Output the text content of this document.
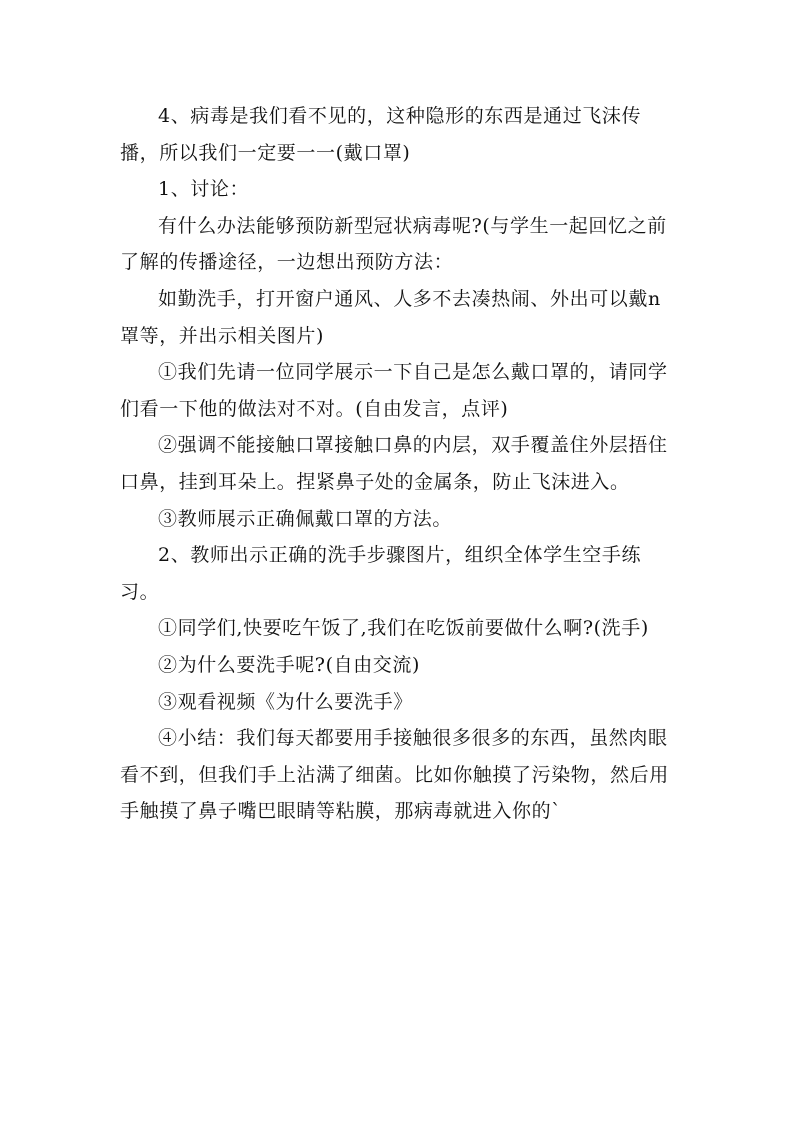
4、病毒是我们看不见的，这种隐形的东西是通过飞沫传播，所以我们一定要一一(戴口罩)

1、讨论：

有什么办法能够预防新型冠状病毒呢?(与学生一起回忆之前了解的传播途径，一边想出预防方法：

如勤洗手，打开窗户通风、人多不去凑热闹、外出可以戴n罩等，并出示相关图片)

①我们先请一位同学展示一下自己是怎么戴口罩的，请同学们看一下他的做法对不对。(自由发言，点评)

②强调不能接触口罩接触口鼻的内层，双手覆盖住外层捂住口鼻，挂到耳朵上。捏紧鼻子处的金属条，防止飞沫进入。

③教师展示正确佩戴口罩的方法。

2、教师出示正确的洗手步骤图片，组织全体学生空手练习。

①同学们,快要吃午饭了,我们在吃饭前要做什么啊?(洗手)

②为什么要洗手呢?(自由交流)

③观看视频《为什么要洗手》

④小结：我们每天都要用手接触很多很多的东西，虽然肉眼看不到，但我们手上沾满了细菌。比如你触摸了污染物，然后用手触摸了鼻子嘴巴眼睛等粘膜，那病毒就进入你的`
